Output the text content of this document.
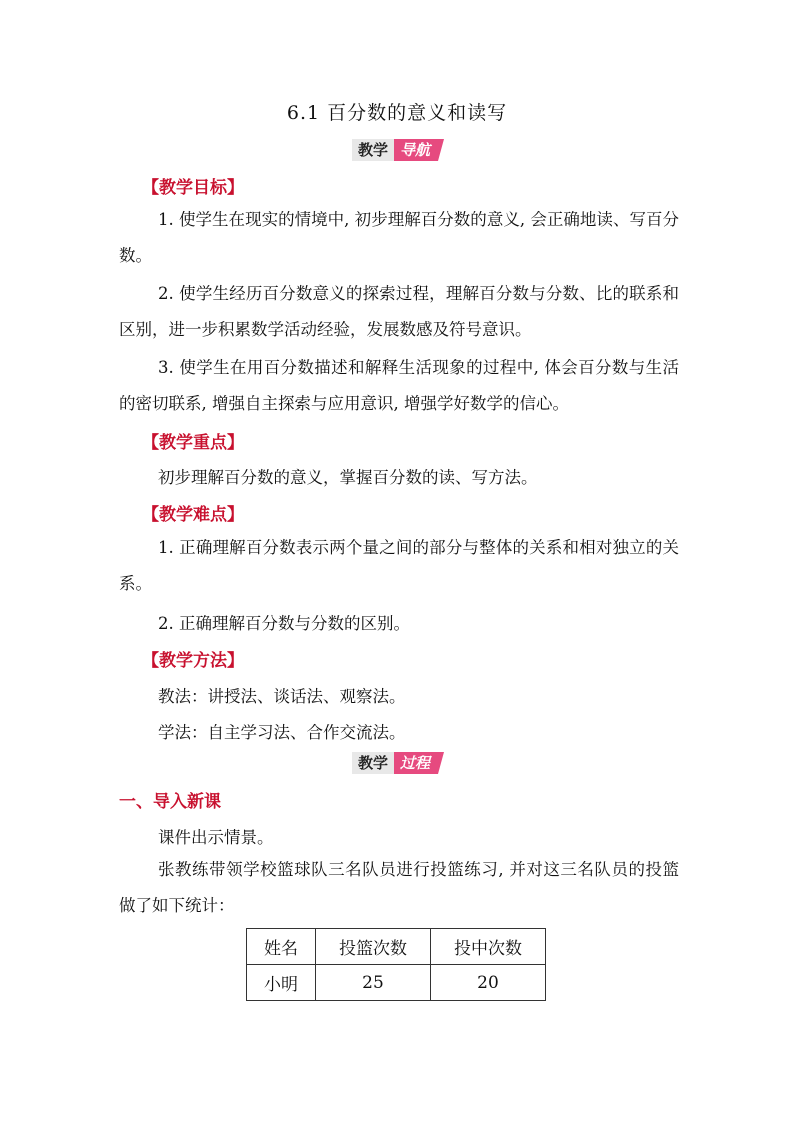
6.1 百分数的意义和读写
教学 导航
【教学目标】
1. 使学生在现实的情境中, 初步理解百分数的意义, 会正确地读、写百分数。
2. 使学生经历百分数意义的探索过程，理解百分数与分数、比的联系和区别，进一步积累数学活动经验，发展数感及符号意识。
3. 使学生在用百分数描述和解释生活现象的过程中, 体会百分数与生活的密切联系, 增强自主探索与应用意识, 增强学好数学的信心。
【教学重点】
初步理解百分数的意义，掌握百分数的读、写方法。
【教学难点】
1. 正确理解百分数表示两个量之间的部分与整体的关系和相对独立的关系。
2. 正确理解百分数与分数的区别。
【教学方法】
教法：讲授法、谈话法、观察法。
学法：自主学习法、合作交流法。
教学 过程
一、导入新课
课件出示情景。
张教练带领学校篮球队三名队员进行投篮练习, 并对这三名队员的投篮做了如下统计：
姓名	投篮次数	投中次数
小明	25	20
